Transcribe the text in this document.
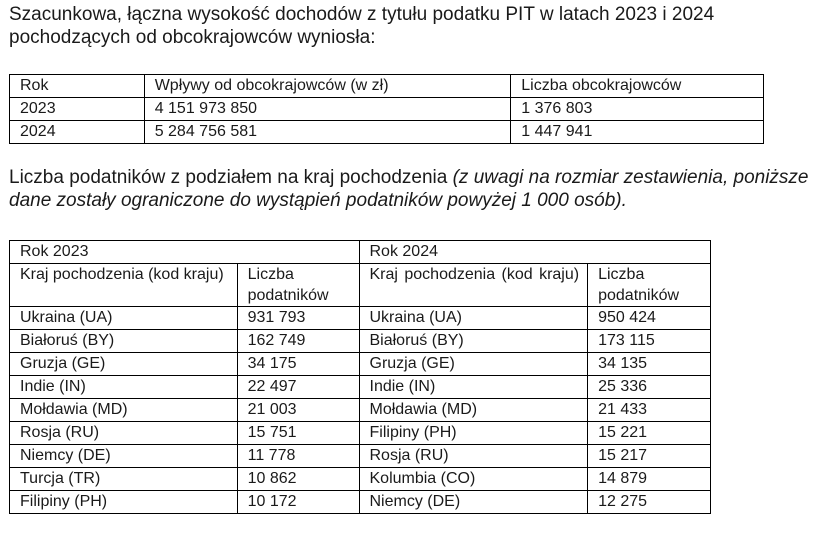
Szacunkowa, łączna wysokość dochodów z tytułu podatku PIT w latach 2023 i 2024 pochodzących od obcokrajowców wyniosła:

Rok	Wpływy od obcokrajowców (w zł)	Liczba obcokrajowców
2023	4 151 973 850	1 376 803
2024	5 284 756 581	1 447 941

Liczba podatników z podziałem na kraj pochodzenia (z uwagi na rozmiar zestawienia, poniższe dane zostały ograniczone do wystąpień podatników powyżej 1 000 osób).

Rok 2023		Rok 2024	
Kraj pochodzenia (kod kraju)	Liczba podatników	Kraj pochodzenia (kod kraju)	Liczba podatników
Ukraina (UA)	931 793	Ukraina (UA)	950 424
Białoruś (BY)	162 749	Białoruś (BY)	173 115
Gruzja (GE)	34 175	Gruzja (GE)	34 135
Indie (IN)	22 497	Indie (IN)	25 336
Mołdawia (MD)	21 003	Mołdawia (MD)	21 433
Rosja (RU)	15 751	Filipiny (PH)	15 221
Niemcy (DE)	11 778	Rosja (RU)	15 217
Turcja (TR)	10 862	Kolumbia (CO)	14 879
Filipiny (PH)	10 172	Niemcy (DE)	12 275
